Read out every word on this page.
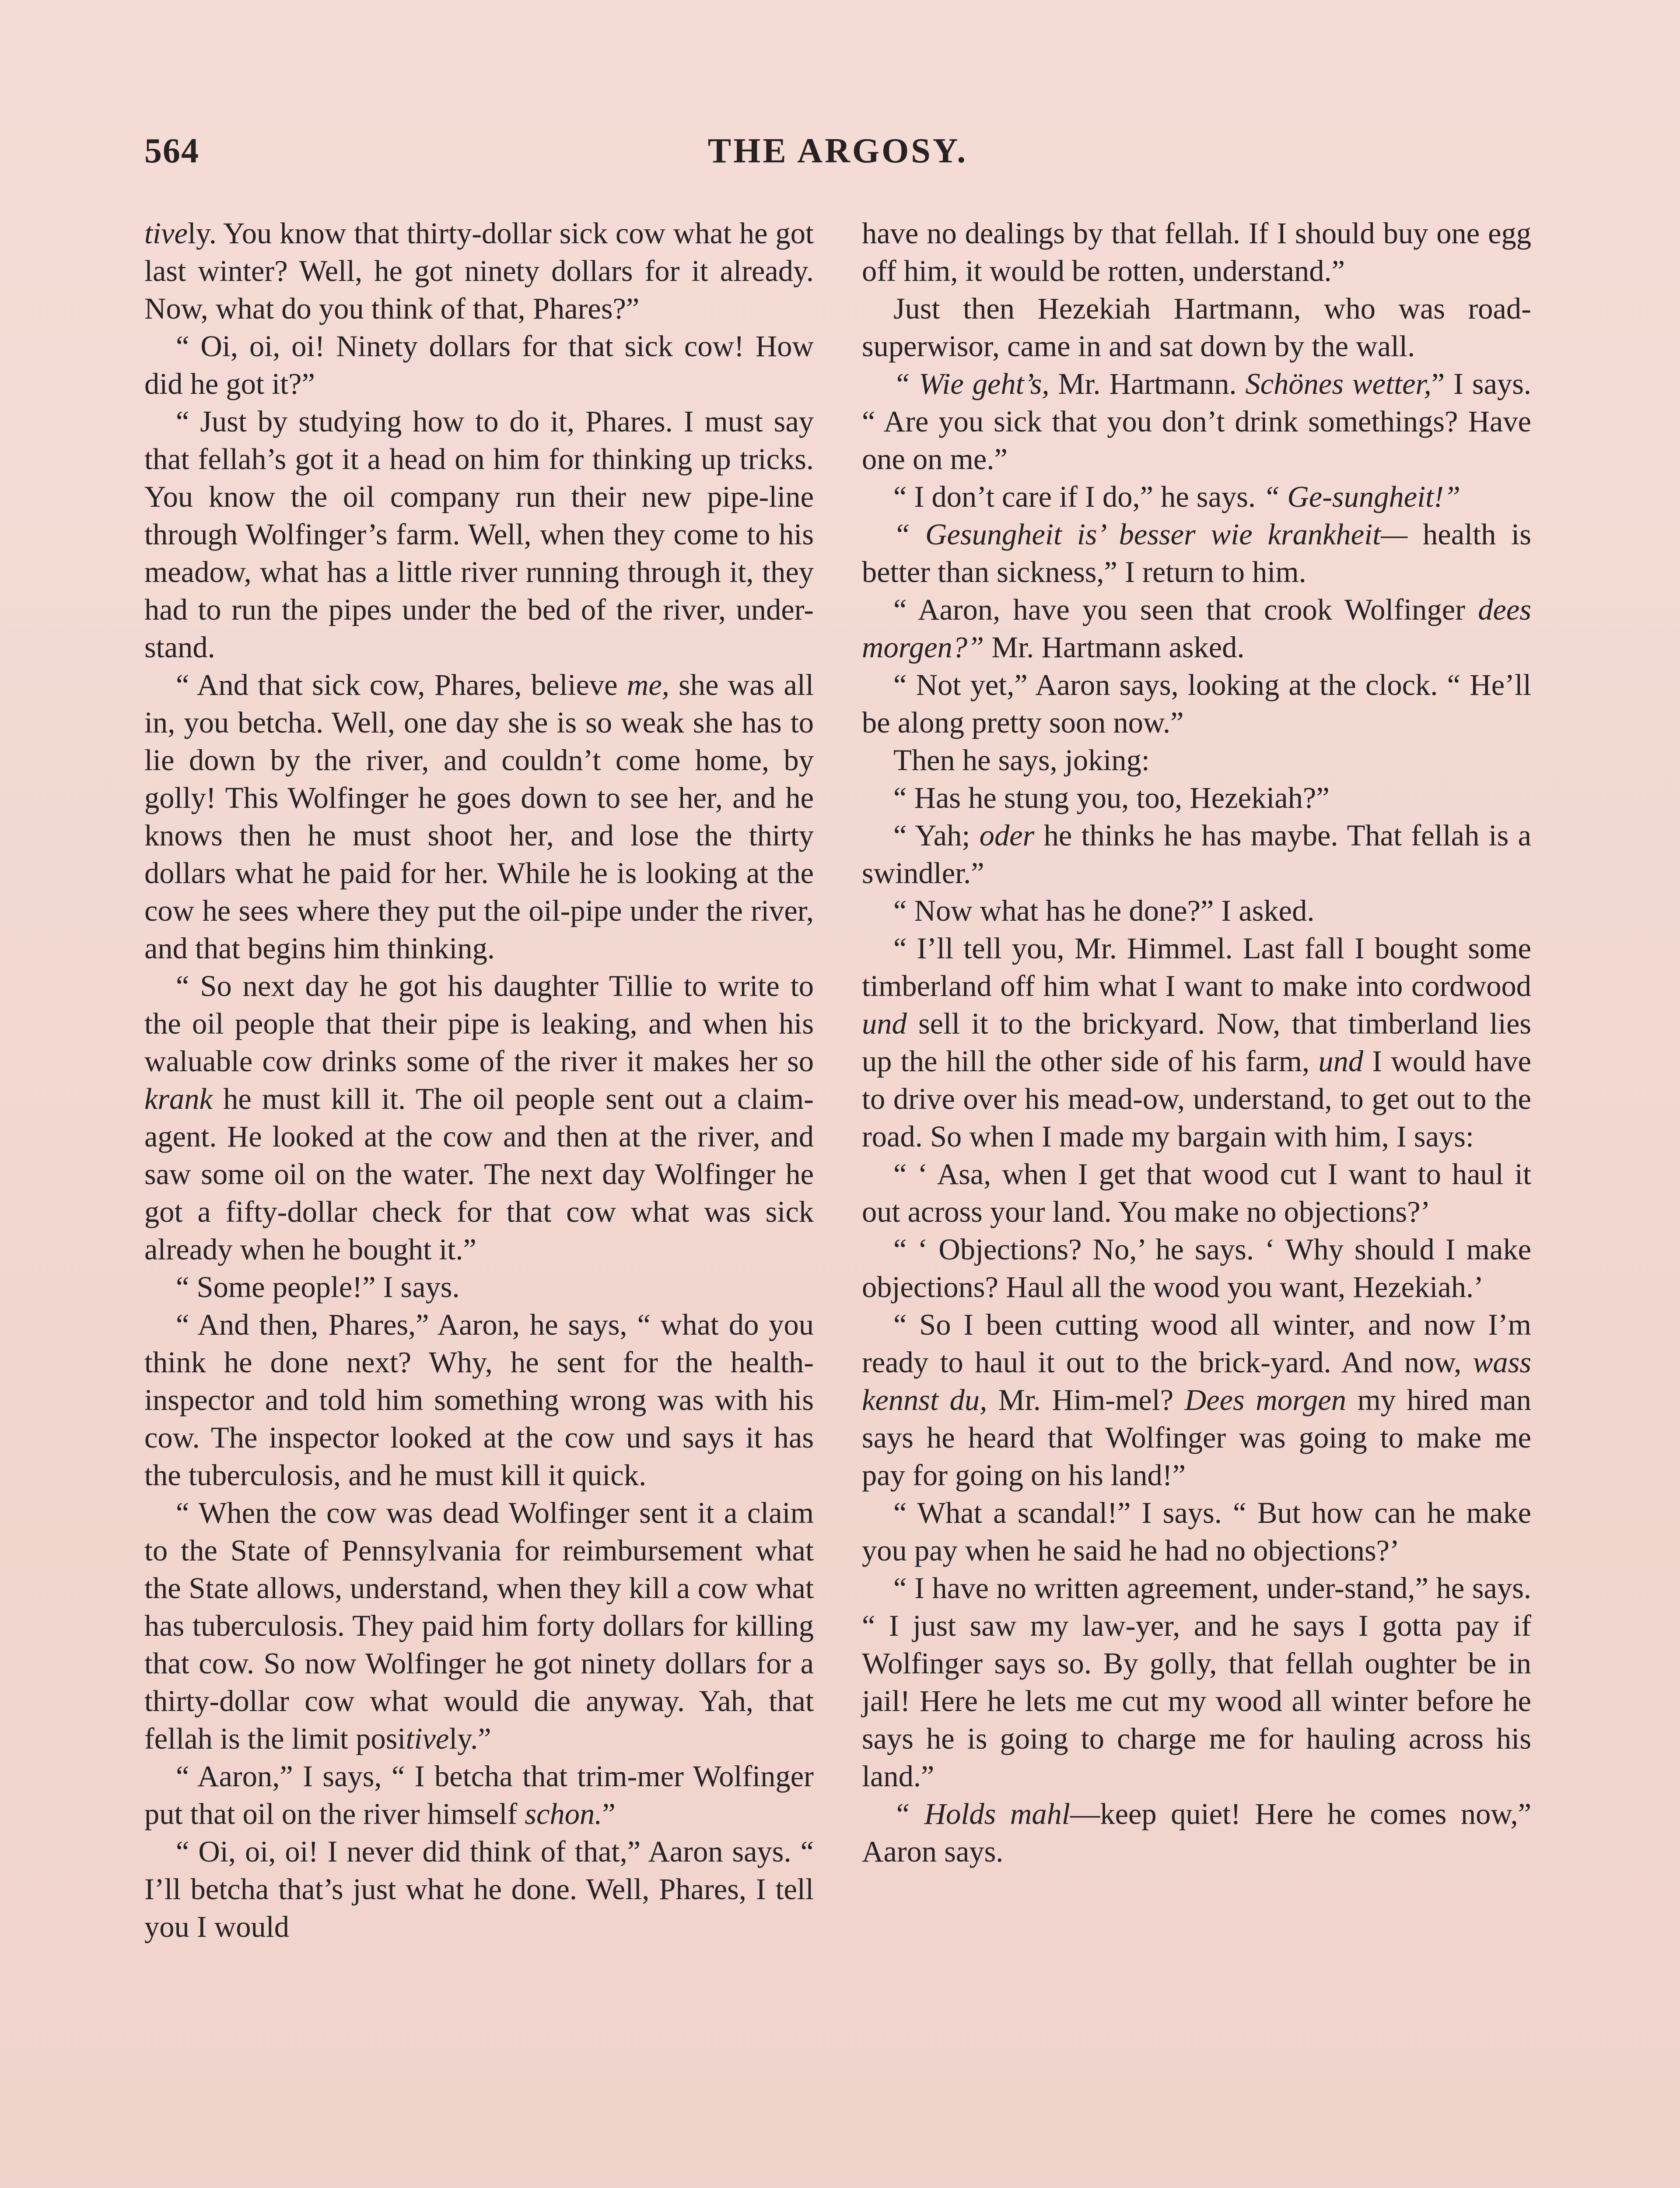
564	THE ARGOSY.

tively. You know that thirty-dollar sick cow what he got last winter? Well, he got ninety dollars for it already. Now, what do you think of that, Phares?”

“ Oi, oi, oi! Ninety dollars for that sick cow! How did he got it?”

“ Just by studying how to do it, Phares. I must say that fellah’s got it a head on him for thinking up tricks. You know the oil company run their new pipe-line through Wolfinger’s farm. Well, when they come to his meadow, what has a little river running through it, they had to run the pipes under the bed of the river, under-stand.

“ And that sick cow, Phares, believe me, she was all in, you betcha. Well, one day she is so weak she has to lie down by the river, and couldn’t come home, by golly! This Wolfinger he goes down to see her, and he knows then he must shoot her, and lose the thirty dollars what he paid for her. While he is looking at the cow he sees where they put the oil-pipe under the river, and that begins him thinking.

“ So next day he got his daughter Tillie to write to the oil people that their pipe is leaking, and when his waluable cow drinks some of the river it makes her so krank he must kill it. The oil people sent out a claim-agent. He looked at the cow and then at the river, and saw some oil on the water. The next day Wolfinger he got a fifty-dollar check for that cow what was sick already when he bought it.”

“ Some people!” I says.

“ And then, Phares,” Aaron, he says, “ what do you think he done next? Why, he sent for the health-inspector and told him something wrong was with his cow. The inspector looked at the cow und says it has the tuberculosis, and he must kill it quick.

“ When the cow was dead Wolfinger sent it a claim to the State of Pennsylvania for reimbursement what the State allows, understand, when they kill a cow what has tuberculosis. They paid him forty dollars for killing that cow. So now Wolfinger he got ninety dollars for a thirty-dollar cow what would die anyway. Yah, that fellah is the limit positively.”

“ Aaron,” I says, “ I betcha that trim-mer Wolfinger put that oil on the river himself schon.”

“ Oi, oi, oi! I never did think of that,” Aaron says. “ I’ll betcha that’s just what he done. Well, Phares, I tell you I would

have no dealings by that fellah. If I should buy one egg off him, it would be rotten, understand.”

Just then Hezekiah Hartmann, who was road-superwisor, came in and sat down by the wall.

“ Wie geht’s, Mr. Hartmann. Schönes wetter,” I says. “ Are you sick that you don’t drink somethings? Have one on me.”

“ I don’t care if I do,” he says. “ Ge-sungheit!”

“ Gesungheit is’ besser wie krankheit— health is better than sickness,” I return to him.

“ Aaron, have you seen that crook Wolfinger dees morgen?” Mr. Hartmann asked.

“ Not yet,” Aaron says, looking at the clock. “ He’ll be along pretty soon now.”

Then he says, joking:

“ Has he stung you, too, Hezekiah?”

“ Yah; oder he thinks he has maybe. That fellah is a swindler.”

“ Now what has he done?” I asked.

“ I’ll tell you, Mr. Himmel. Last fall I bought some timberland off him what I want to make into cordwood und sell it to the brickyard. Now, that timberland lies up the hill the other side of his farm, und I would have to drive over his mead-ow, understand, to get out to the road. So when I made my bargain with him, I says:

“ ‘ Asa, when I get that wood cut I want to haul it out across your land. You make no objections?’

“ ‘ Objections? No,’ he says. ‘ Why should I make objections? Haul all the wood you want, Hezekiah.’

“ So I been cutting wood all winter, and now I’m ready to haul it out to the brick-yard. And now, wass kennst du, Mr. Him-mel? Dees morgen my hired man says he heard that Wolfinger was going to make me pay for going on his land!”

“ What a scandal!” I says. “ But how can he make you pay when he said he had no objections?’

“ I have no written agreement, under-stand,” he says. “ I just saw my law-yer, and he says I gotta pay if Wolfinger says so. By golly, that fellah oughter be in jail! Here he lets me cut my wood all winter before he says he is going to charge me for hauling across his land.”

“ Holds mahl—keep quiet! Here he comes now,” Aaron says.
